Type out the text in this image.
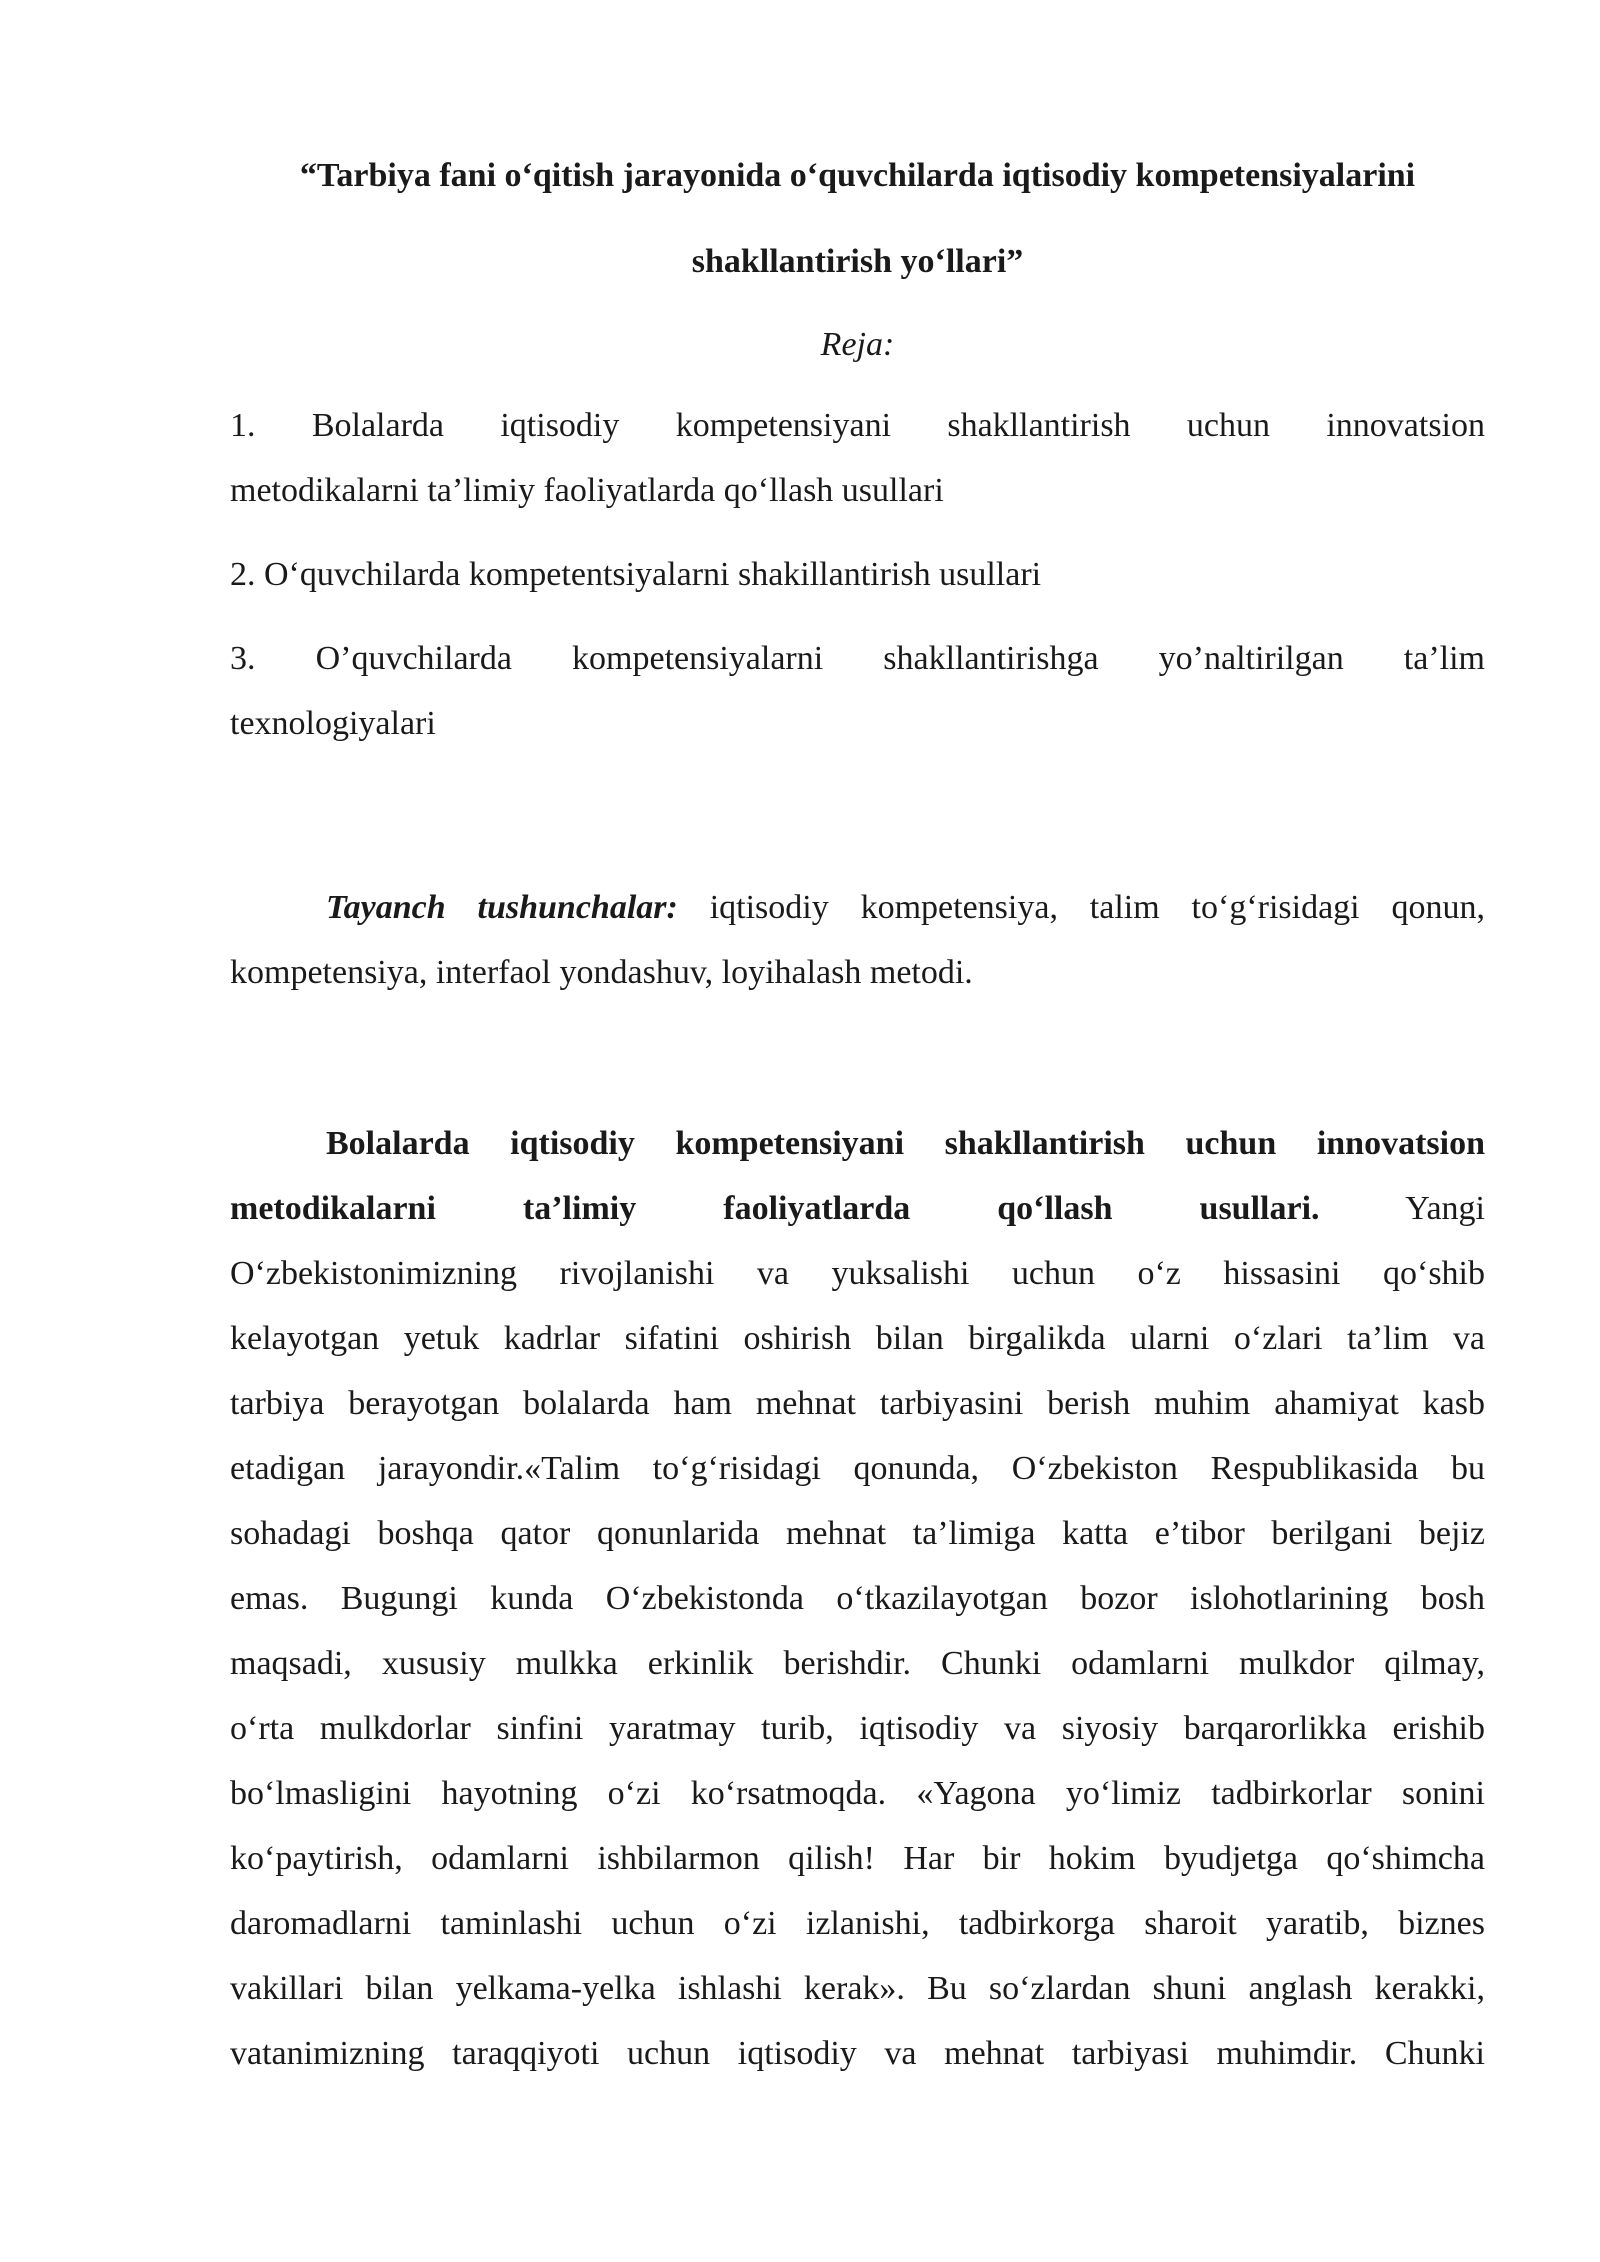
“Tarbiya fani o‘qitish jarayonida o‘quvchilarda iqtisodiy kompetensiyalarini
shakllantirish yo‘llari”

Reja:

1. Bolalarda iqtisodiy kompetensiyani shakllantirish uchun innovatsion
metodikalarni ta’limiy faoliyatlarda qo‘llash usullari

2. O‘quvchilarda kompetentsiyalarni shakillantirish usullari

3. O’quvchilarda kompetensiyalarni shakllantirishga yo’naltirilgan ta’lim
texnologiyalari

Tayanch tushunchalar: iqtisodiy kompetensiya, talim to‘g‘risidagi qonun,
kompetensiya, interfaol yondashuv, loyihalash metodi.

Bolalarda iqtisodiy kompetensiyani shakllantirish uchun innovatsion
metodikalarni ta’limiy faoliyatlarda qo‘llash usullari. Yangi
O‘zbekistonimizning rivojlanishi va yuksalishi uchun o‘z hissasini qo‘shib
kelayotgan yetuk kadrlar sifatini oshirish bilan birgalikda ularni o‘zlari ta’lim va
tarbiya berayotgan bolalarda ham mehnat tarbiyasini berish muhim ahamiyat kasb
etadigan jarayondir.«Talim to‘g‘risidagi qonunda, O‘zbekiston Respublikasida bu
sohadagi boshqa qator qonunlarida mehnat ta’limiga katta e’tibor berilgani bejiz
emas. Bugungi kunda O‘zbekistonda o‘tkazilayotgan bozor islohotlarining bosh
maqsadi, xususiy mulkka erkinlik berishdir. Chunki odamlarni mulkdor qilmay,
o‘rta mulkdorlar sinfini yaratmay turib, iqtisodiy va siyosiy barqarorlikka erishib
bo‘lmasligini hayotning o‘zi ko‘rsatmoqda. «Yagona yo‘limiz tadbirkorlar sonini
ko‘paytirish, odamlarni ishbilarmon qilish! Har bir hokim byudjetga qo‘shimcha
daromadlarni taminlashi uchun o‘zi izlanishi, tadbirkorga sharoit yaratib, biznes
vakillari bilan yelkama-yelka ishlashi kerak». Bu so‘zlardan shuni anglash kerakki,
vatanimizning taraqqiyoti uchun iqtisodiy va mehnat tarbiyasi muhimdir. Chunki
